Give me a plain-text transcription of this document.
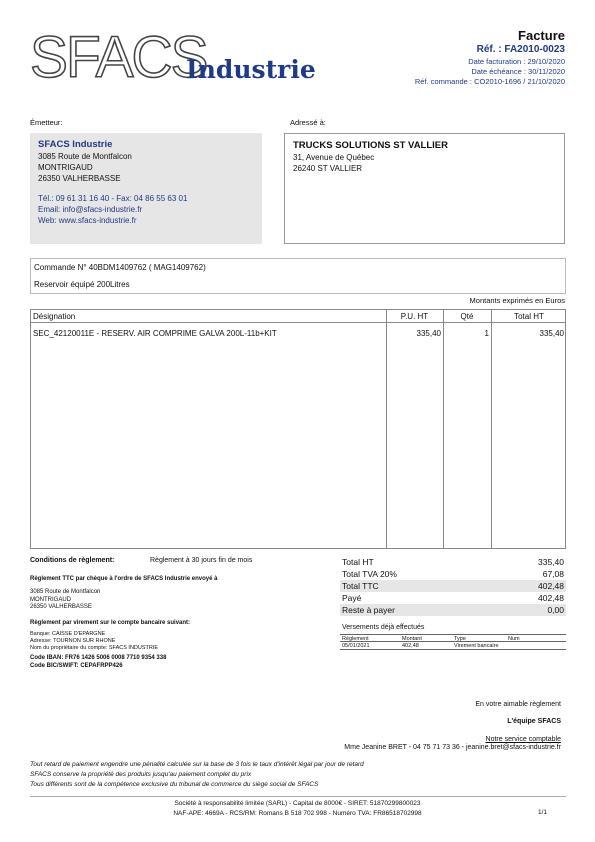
SFACS
Industrie
Facture
Réf. : FA2010-0023
Date facturation : 29/10/2020
Date échéance : 30/11/2020
Réf. commande : CO2010-1696 / 21/10/2020
Émetteur:	Adressé à:
SFACS Industrie
3085 Route de Montfalcon
MONTRIGAUD
26350 VALHERBASSE
Tél.: 09 61 31 16 40 - Fax: 04 86 55 63 01
Email: info@sfacs-industrie.fr
Web: www.sfacs-industrie.fr
TRUCKS SOLUTIONS ST VALLIER
31, Avenue de Québec
26240 ST VALLIER
Commande N° 40BDM1409762 ( MAG1409762)
Reservoir équipé 200Litres
Montants exprimés en Euros
Désignation	P.U. HT	Qté	Total HT
SEC_42120011E - RESERV. AIR COMPRIME GALVA 200L-11b+KIT	335,40	1	335,40
Conditions de règlement:	Règlement à 30 jours fin de mois
Règlement TTC par chèque à l'ordre de SFACS Industrie envoyé à
3085 Route de Montfalcon
MONTRIGAUD
26350 VALHERBASSE
Règlement par virement sur le compte bancaire suivant:
Banque: CAISSE D'EPARGNE
Adresse: TOURNON SUR RHONE
Nom du propriétaire du compte: SFACS INDUSTRIE
Code IBAN: FR76 1426 5006 0008 7710 9354 338
Code BIC/SWIFT: CEPAFRPP426
Total HT	335,40
Total TVA 20%	67,08
Total TTC	402,48
Payé	402,48
Reste à payer	0,00
Versements déjà effectués
Règlement	Montant	Type	Num
05/01/2021	402,48	Virement bancaire
En votre aimable règlement
L'équipe SFACS
Notre service comptable
Mme Jeanine BRET - 04 75 71 73 36 - jeanine.bret@sfacs-industrie.fr
Tout retard de paiement engendre une pénalité calculée sur la base de 3 fois le taux d'intérêt légal par jour de retard
SFACS conserve la propriété des produits jusqu'au paiement complet du prix
Tous différents sont de la compétence exclusive du tribunal de commerce du siège social de SFACS
Société à responsabilité limitée (SARL) - Capital de 8000€ - SIRET: 51870299800023
NAF-APE: 4669A - RCS/RM: Romans B 518 702 998 - Numéro TVA: FR86518702998	1/1
